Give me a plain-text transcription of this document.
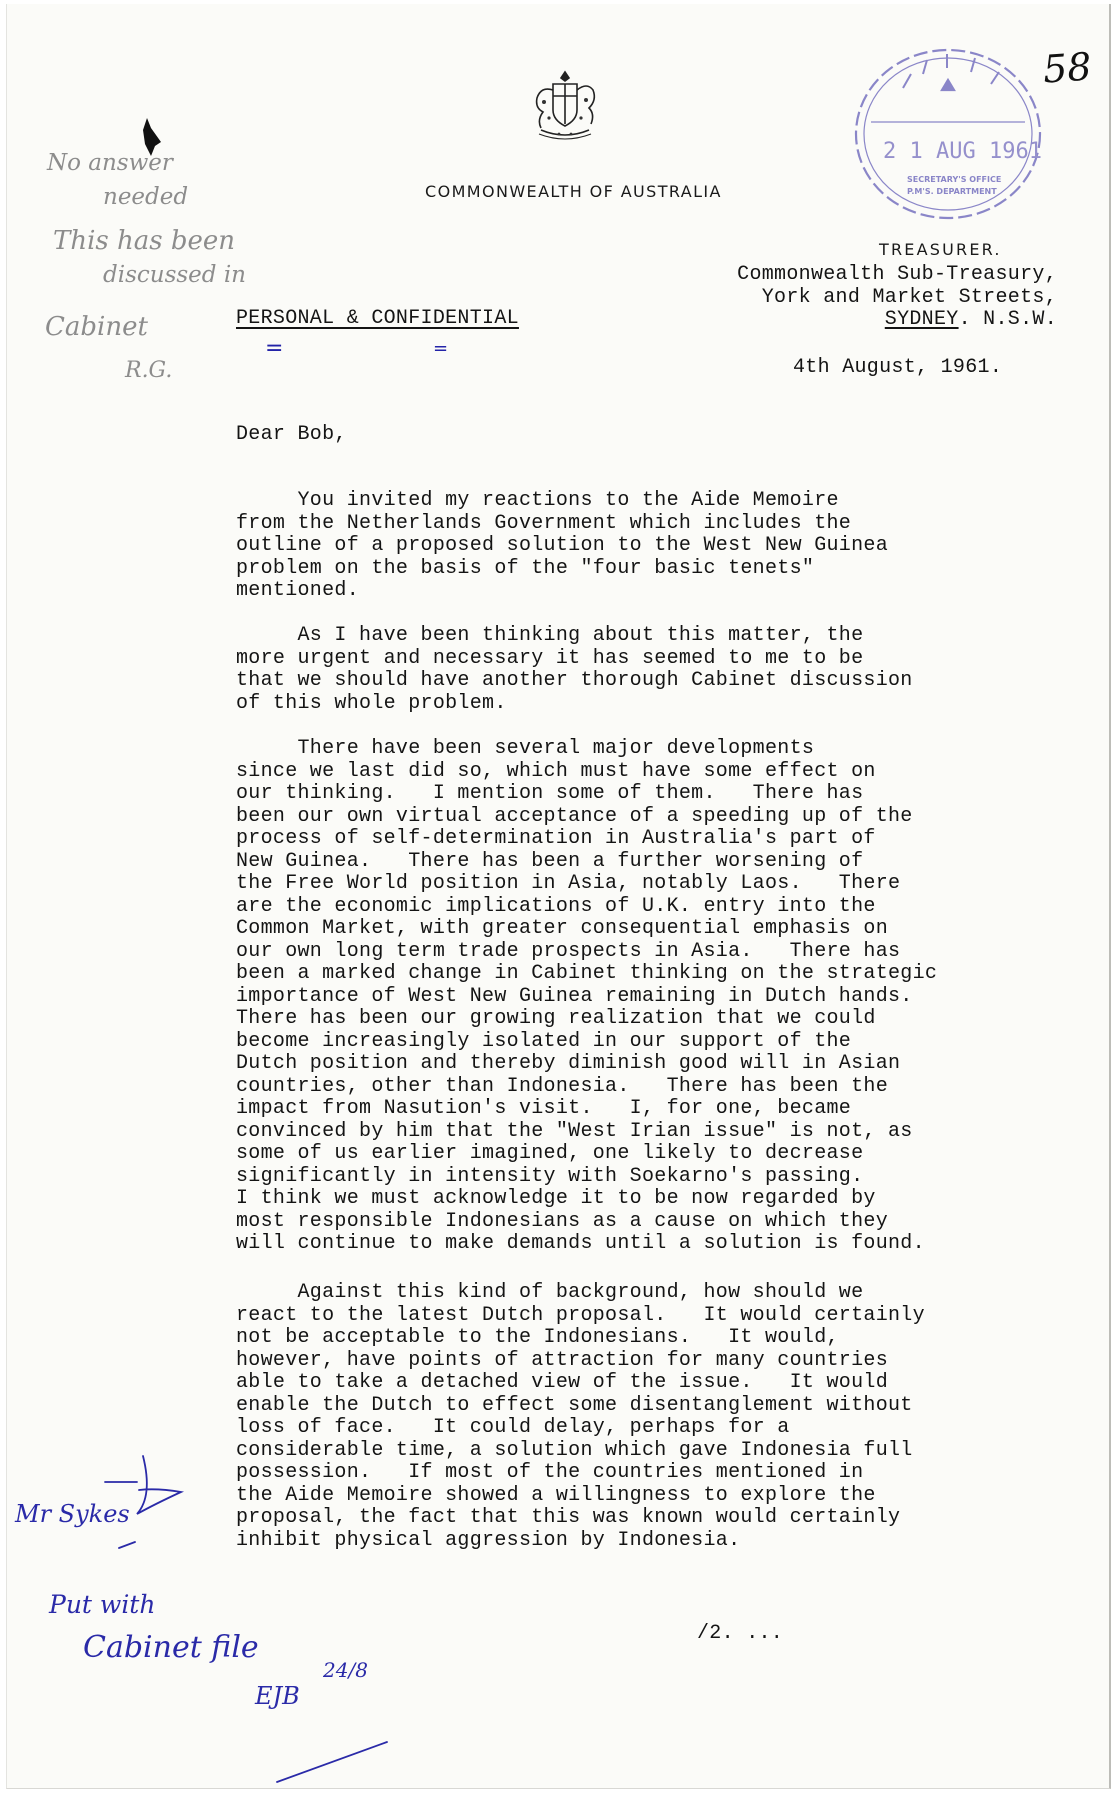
COMMONWEALTH OF AUSTRALIA
2 1 AUG 1961
SECRETARY'S OFFICE
P.M'S. DEPARTMENT
58
TREASURER.
Commonwealth Sub-Treasury,
York and Market Streets,
SYDNEY. N.S.W.
PERSONAL & CONFIDENTIAL
=	=
4th August, 1961.
Dear Bob,
You invited my reactions to the Aide Memoire
from the Netherlands Government which includes the
outline of a proposed solution to the West New Guinea
problem on the basis of the "four basic tenets"
mentioned.
As I have been thinking about this matter, the
more urgent and necessary it has seemed to me to be
that we should have another thorough Cabinet discussion
of this whole problem.
There have been several major developments
since we last did so, which must have some effect on
our thinking.   I mention some of them.   There has
been our own virtual acceptance of a speeding up of the
process of self-determination in Australia's part of
New Guinea.   There has been a further worsening of
the Free World position in Asia, notably Laos.   There
are the economic implications of U.K. entry into the
Common Market, with greater consequential emphasis on
our own long term trade prospects in Asia.   There has
been a marked change in Cabinet thinking on the strategic
importance of West New Guinea remaining in Dutch hands.
There has been our growing realization that we could
become increasingly isolated in our support of the
Dutch position and thereby diminish good will in Asian
countries, other than Indonesia.   There has been the
impact from Nasution's visit.   I, for one, became
convinced by him that the "West Irian issue" is not, as
some of us earlier imagined, one likely to decrease
significantly in intensity with Soekarno's passing.
I think we must acknowledge it to be now regarded by
most responsible Indonesians as a cause on which they
will continue to make demands until a solution is found.
Against this kind of background, how should we
react to the latest Dutch proposal.   It would certainly
not be acceptable to the Indonesians.   It would,
however, have points of attraction for many countries
able to take a detached view of the issue.   It would
enable the Dutch to effect some disentanglement without
loss of face.   It could delay, perhaps for a
considerable time, a solution which gave Indonesia full
possession.   If most of the countries mentioned in
the Aide Memoire showed a willingness to explore the
proposal, the fact that this was known would certainly
inhibit physical aggression by Indonesia.
/2. ...
No answer
needed
This has been
discussed in
Cabinet
R.G.
Mr Sykes
Put with
Cabinet file
EJB
24/8
